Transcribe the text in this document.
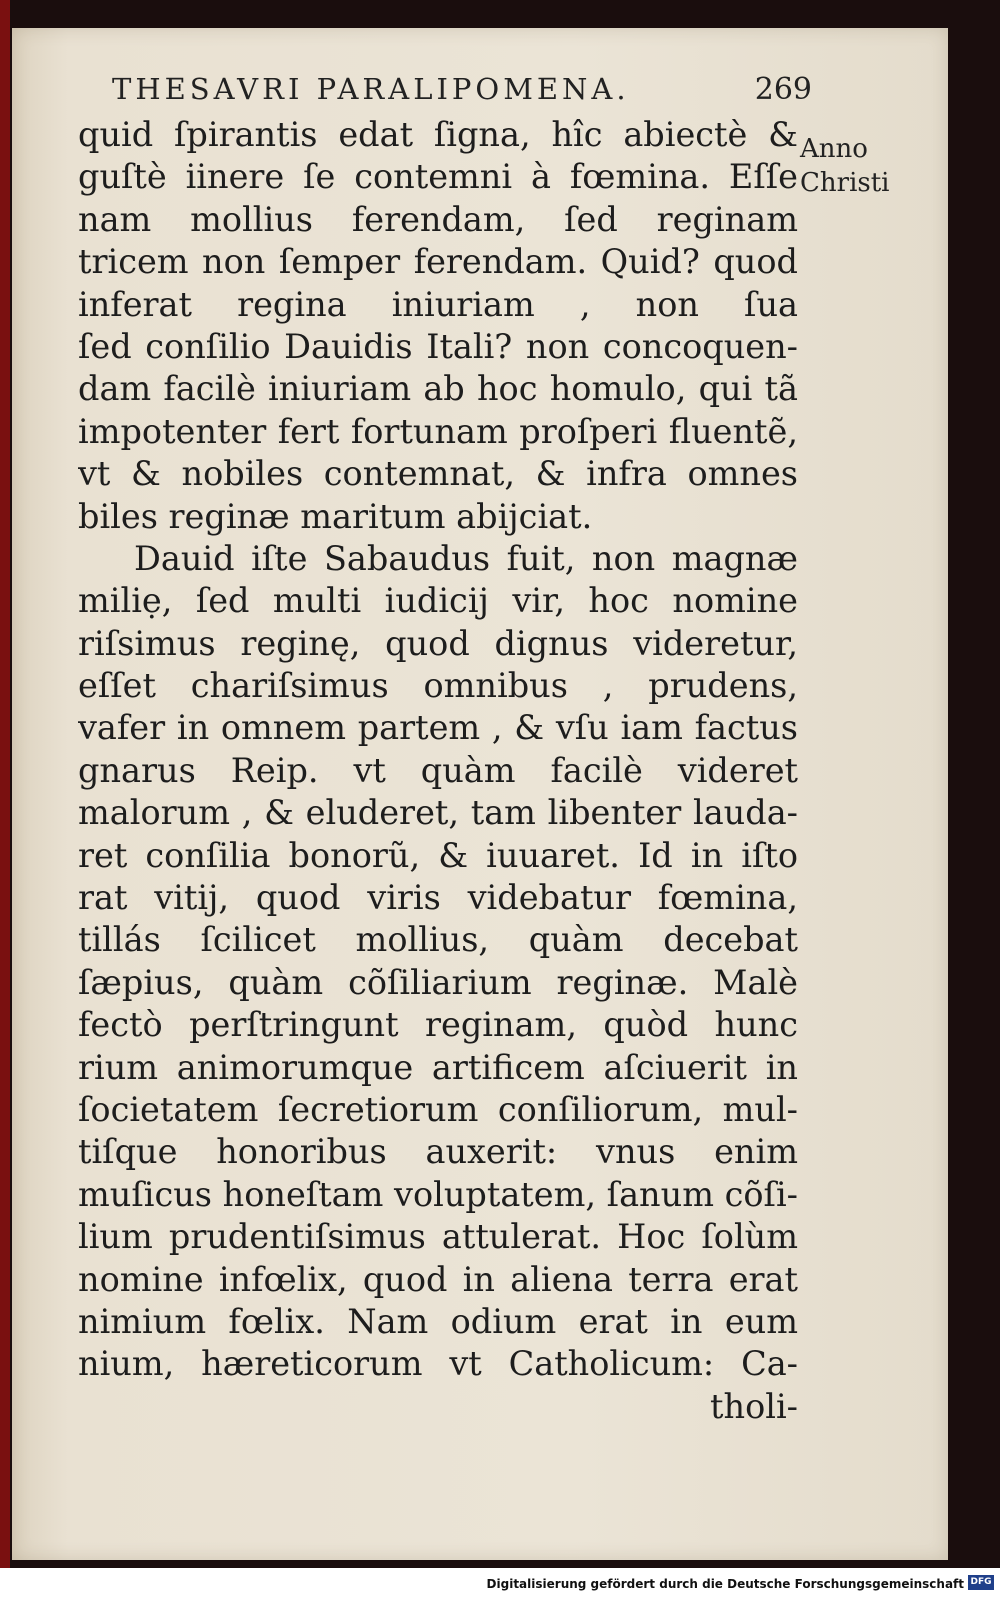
THESAVRI PARALIPOMENA.	269
quid ſpirantis edat ſigna, hîc abiectè &
guſtè iinere ſe contemni à fœmina. Eſſe
nam mollius ferendam, ſed reginam
tricem non ſemper ferendam. Quid? quod
inferat regina iniuriam , non ſua
ſed conſilio Dauidis Itali? non concoquen-
dam facilè iniuriam ab hoc homulo, qui tã
impotenter fert fortunam proſperi fluentẽ,
vt & nobiles contemnat, & infra omnes
biles reginæ maritum abijciat.
Dauid iſte Sabaudus fuit, non magnæ
miliẹ, ſed multi iudicij vir, hoc nomine
riſsimus reginę, quod dignus videretur,
eſſet chariſsimus omnibus , prudens,
vafer in omnem partem , & vſu iam factus
gnarus Reip. vt quàm facilè videret
malorum , & eluderet, tam libenter lauda-
ret conſilia bonorũ, & iuuaret. Id in iſto
rat vitij, quod viris videbatur fœmina,
tillás ſcilicet mollius, quàm decebat
ſæpius, quàm cõſiliarium reginæ. Malè
fectò perſtringunt reginam, quòd hunc
rium animorumque artificem aſciuerit in
ſocietatem ſecretiorum conſiliorum, mul-
tiſque honoribus auxerit: vnus enim
muſicus honeſtam voluptatem, ſanum cõſi-
lium prudentiſsimus attulerat. Hoc ſolùm
nomine infœlix, quod in aliena terra erat
nimium fœlix. Nam odium erat in eum
nium, hæreticorum vt Catholicum: Ca-
tholi-
Anno
Christi
Digitalisierung gefördert durch die Deutsche Forschungsgemeinschaft DFG
